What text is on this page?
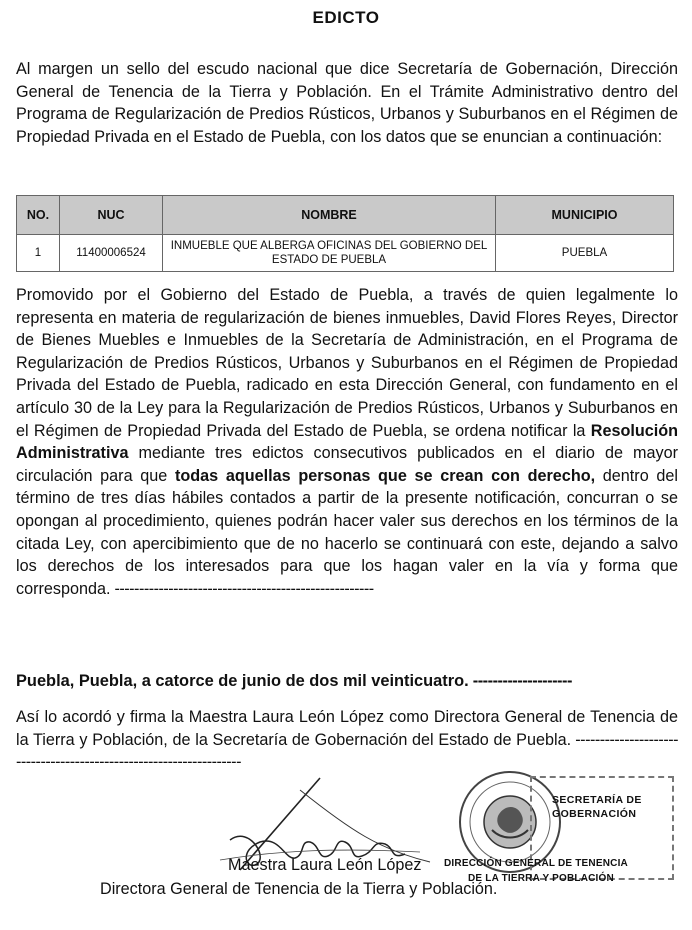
EDICTO
Al margen un sello del escudo nacional que dice Secretaría de Gobernación, Dirección General de Tenencia de la Tierra y Población. En el Trámite Administrativo dentro del Programa de Regularización de Predios Rústicos, Urbanos y Suburbanos en el Régimen de Propiedad Privada en el Estado de Puebla, con los datos que se enuncian a continuación:
NO.	NUC	NOMBRE	MUNICIPIO
1	11400006524	INMUEBLE QUE ALBERGA OFICINAS DEL GOBIERNO DEL ESTADO DE PUEBLA	PUEBLA
Promovido por el Gobierno del Estado de Puebla, a través de quien legalmente lo representa en materia de regularización de bienes inmuebles, David Flores Reyes, Director de Bienes Muebles e Inmuebles de la Secretaría de Administración, en el Programa de Regularización de Predios Rústicos, Urbanos y Suburbanos en el Régimen de Propiedad Privada del Estado de Puebla, radicado en esta Dirección General, con fundamento en el artículo 30 de la Ley para la Regularización de Predios Rústicos, Urbanos y Suburbanos en el Régimen de Propiedad Privada del Estado de Puebla, se ordena notificar la Resolución Administrativa mediante tres edictos consecutivos publicados en el diario de mayor circulación para que todas aquellas personas que se crean con derecho, dentro del término de tres días hábiles contados a partir de la presente notificación, concurran o se opongan al procedimiento, quienes podrán hacer valer sus derechos en los términos de la citada Ley, con apercibimiento que de no hacerlo se continuará con este, dejando a salvo los derechos de los interesados para que los hagan valer en la vía y forma que corresponda. -----------------------------------------------------
Puebla, Puebla, a catorce de junio de dos mil veinticuatro. --------------------
Así lo acordó y firma la Maestra Laura León López como Directora General de Tenencia de la Tierra y Población, de la Secretaría de Gobernación del Estado de Puebla. -------------------------------------------------------------------
SECRETARÍA DE
GOBERNACIÓN
DIRECCIÓN GENERAL DE TENENCIA
DE LA TIERRA Y POBLACIÓN
Maestra Laura León López
Directora General de Tenencia de la Tierra y Población.
